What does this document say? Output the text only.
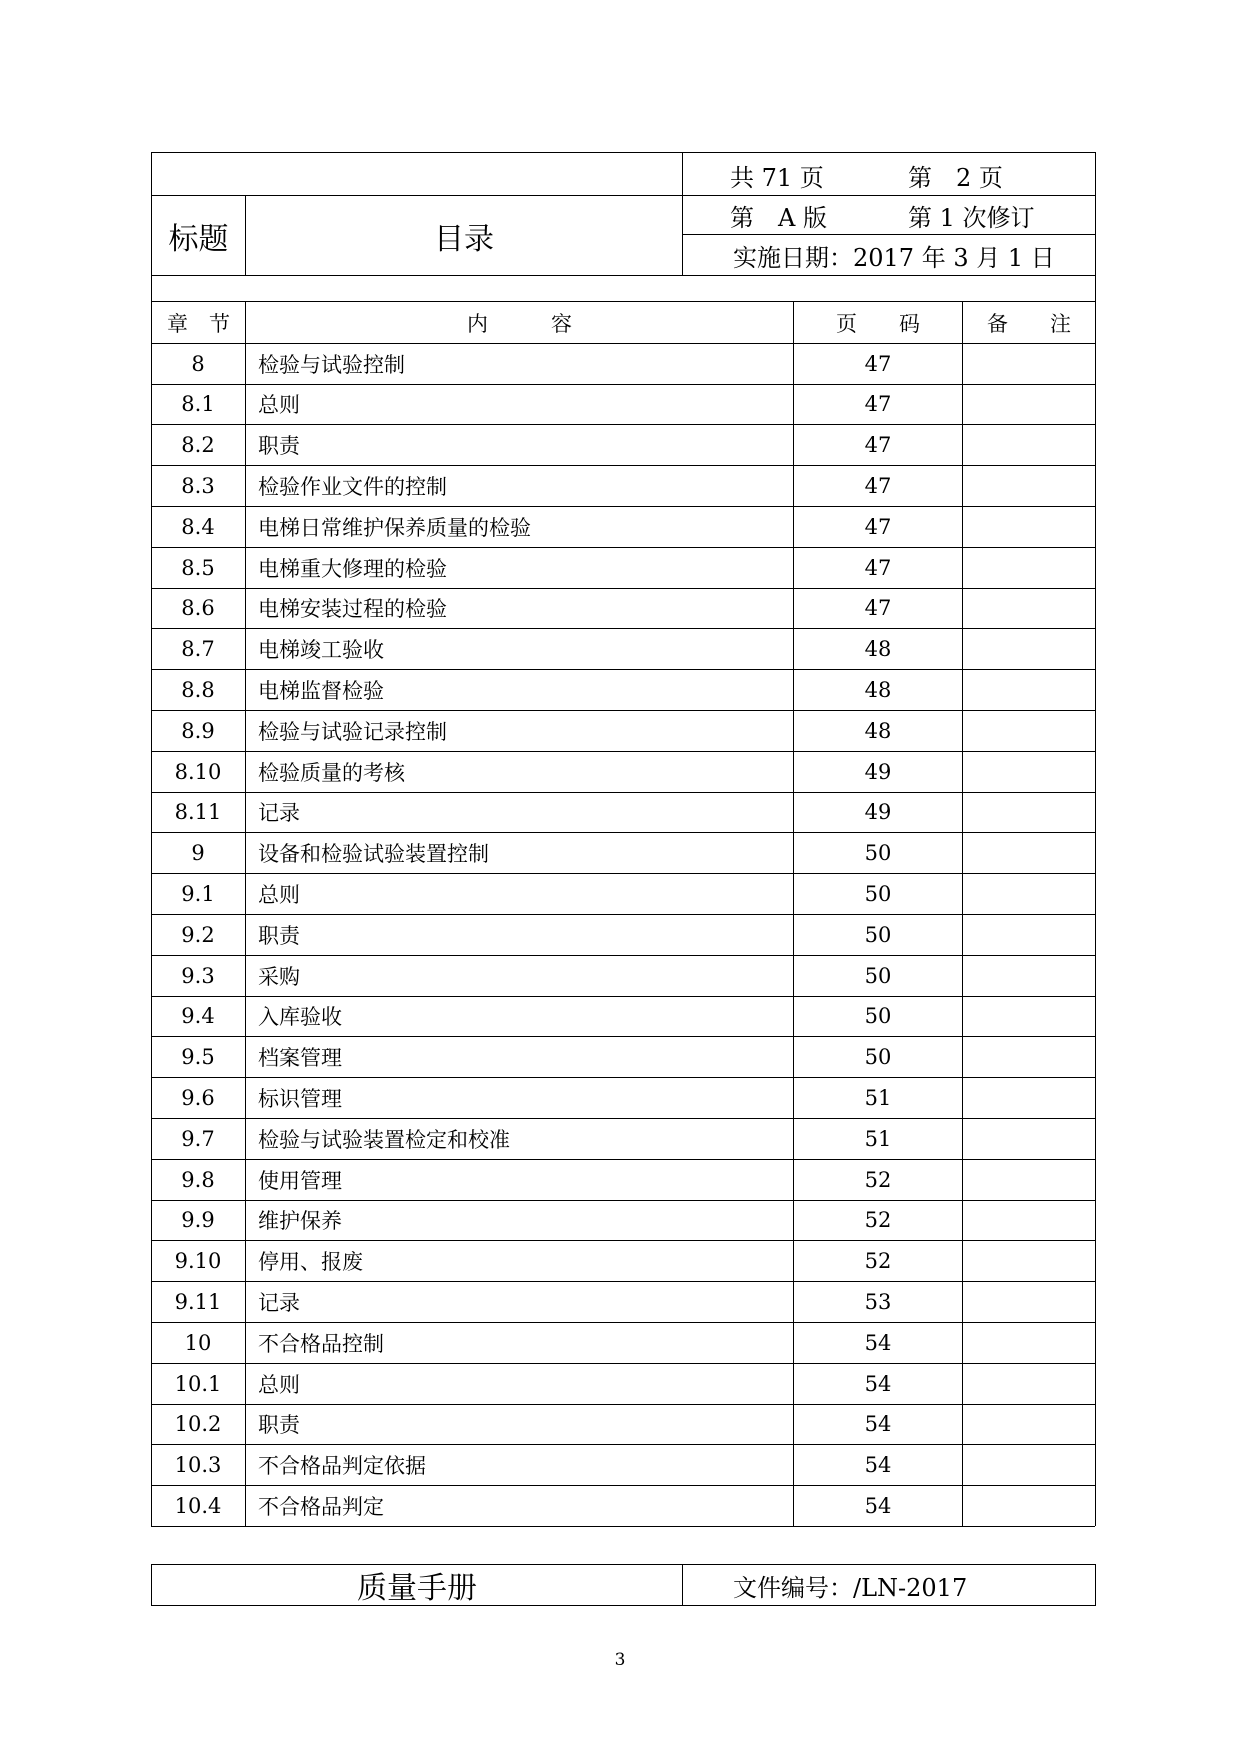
共 71 页	第　2 页
第　A 版	第 1 次修订
实施日期：2017 年 3 月 1 日
标题	目录
章　节	内　　　容	页　　码	备　　注
8	检验与试验控制	47
8.1	总则	47
8.2	职责	47
8.3	检验作业文件的控制	47
8.4	电梯日常维护保养质量的检验	47
8.5	电梯重大修理的检验	47
8.6	电梯安装过程的检验	47
8.7	电梯竣工验收	48
8.8	电梯监督检验	48
8.9	检验与试验记录控制	48
8.10	检验质量的考核	49
8.11	记录	49
9	设备和检验试验装置控制	50
9.1	总则	50
9.2	职责	50
9.3	采购	50
9.4	入库验收	50
9.5	档案管理	50
9.6	标识管理	51
9.7	检验与试验装置检定和校准	51
9.8	使用管理	52
9.9	维护保养	52
9.10	停用、报废	52
9.11	记录	53
10	不合格品控制	54
10.1	总则	54
10.2	职责	54
10.3	不合格品判定依据	54
10.4	不合格品判定	54
质量手册	文件编号：/LN-2017
3
